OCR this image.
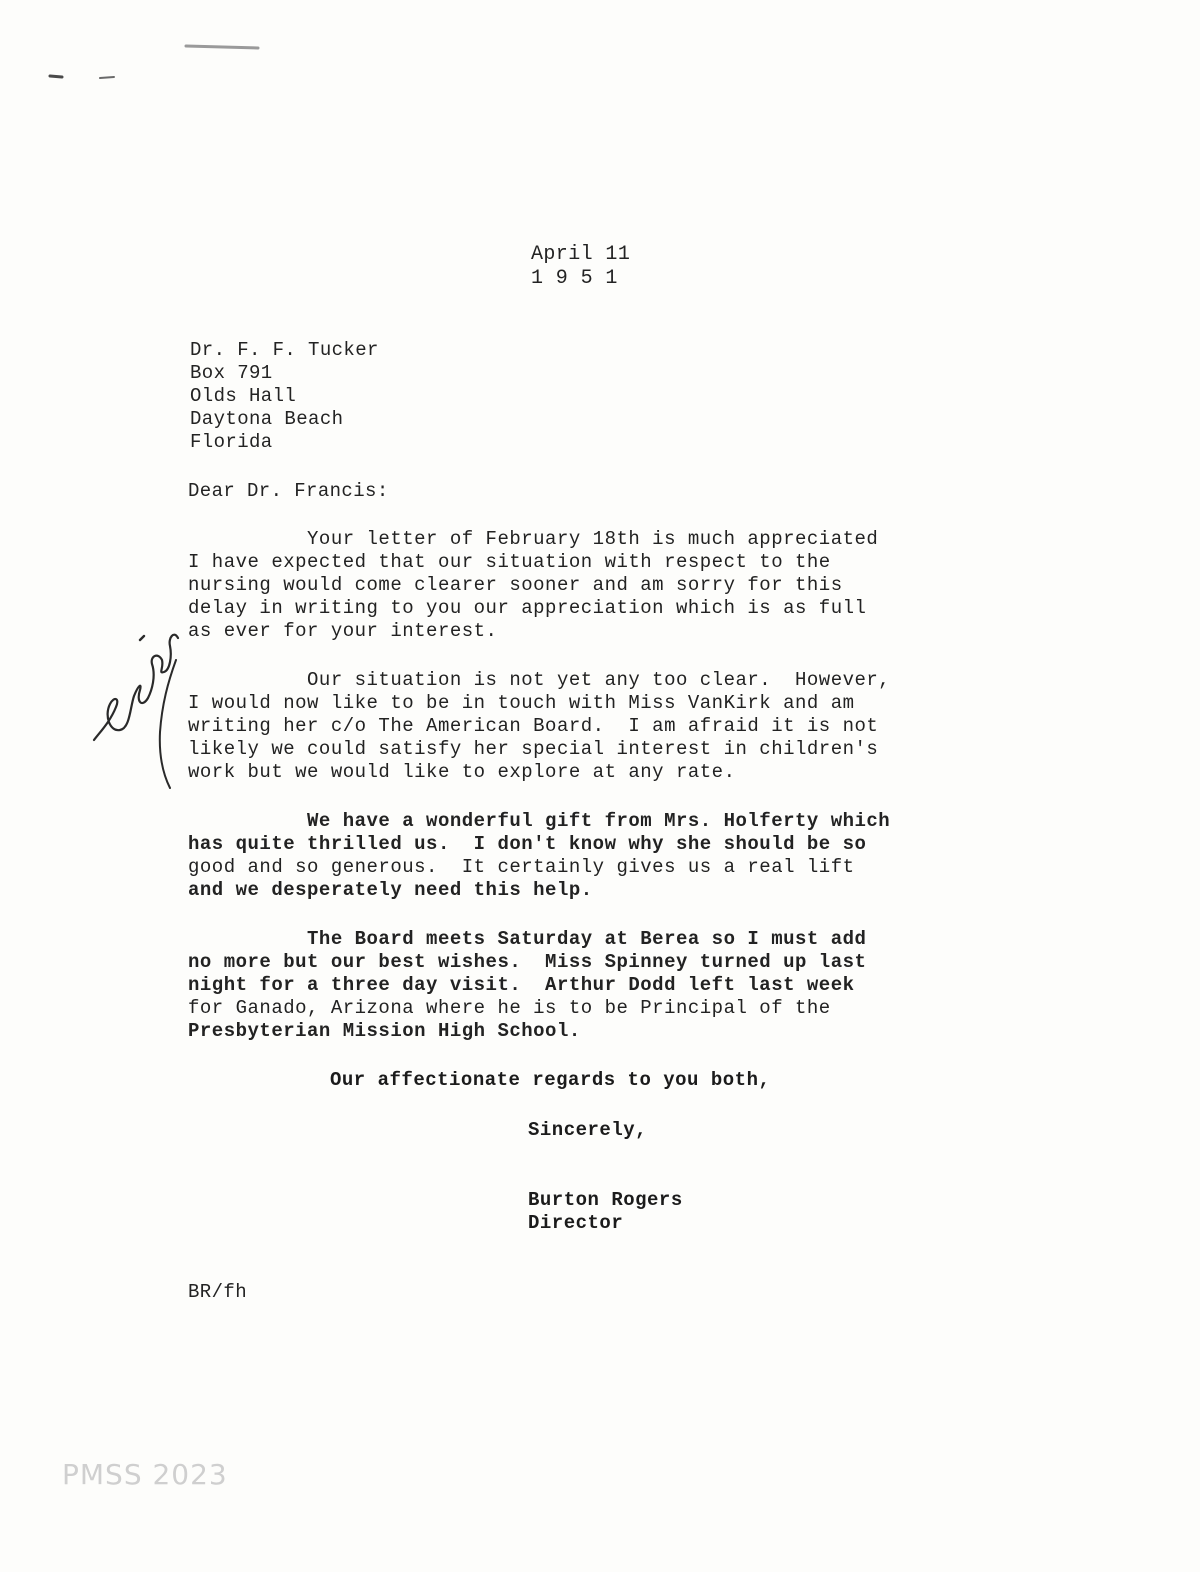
April 11
1 9 5 1
Dr. F. F. Tucker
Box 791
Olds Hall
Daytona Beach
Florida
Dear Dr. Francis:
Your letter of February 18th is much appreciated
I have expected that our situation with respect to the
nursing would come clearer sooner and am sorry for this
delay in writing to you our appreciation which is as full
as ever for your interest.
Our situation is not yet any too clear.  However,
I would now like to be in touch with Miss VanKirk and am
writing her c/o The American Board.  I am afraid it is not
likely we could satisfy her special interest in children's
work but we would like to explore at any rate.
We have a wonderful gift from Mrs. Holferty which
has quite thrilled us.  I don't know why she should be so
good and so generous.  It certainly gives us a real lift
and we desperately need this help.
The Board meets Saturday at Berea so I must add
no more but our best wishes.  Miss Spinney turned up last
night for a three day visit.  Arthur Dodd left last week
for Ganado, Arizona where he is to be Principal of the
Presbyterian Mission High School.
Our affectionate regards to you both,
Sincerely,
Burton Rogers
Director
BR/fh
PMSS 2023
